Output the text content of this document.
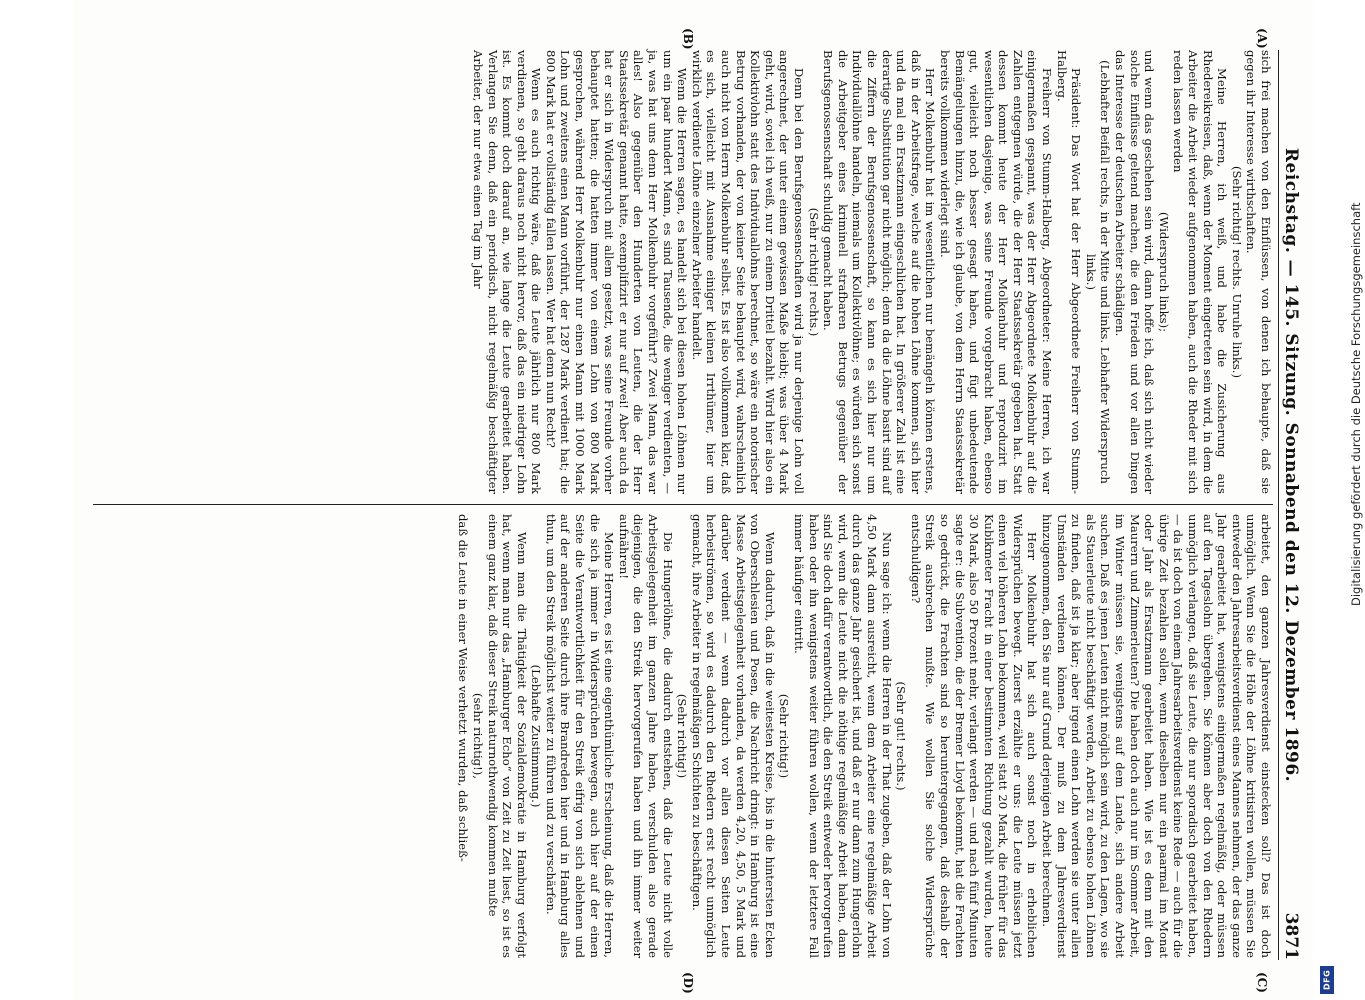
Reichstag. — 145. Sitzung. Sonnabend den 12. Dezember 1896.
3871
(A)
(B)
(C)
(D)

sich frei machen von den Einflüssen, von denen ich behaupte, daß sie gegen ihr Interesse wirthschaften.

(Sehr richtig! rechts. Unruhe links.)

Meine Herren, ich weiß, und habe die Zusicherung aus Rhedereikreisen, daß, wenn der Moment eingetreten sein wird, in dem die Arbeiter die Arbeit wieder aufgenommen haben, auch die Rheder mit sich reden lassen werden

(Widerspruch links);

und wenn das geschehen sein wird, dann hoffe ich, daß sich nicht wieder solche Einflüsse geltend machen, die den Frieden und vor allen Dingen das Interesse der deutschen Arbeiter schädigen.

(Lebhafter Beifall rechts, in der Mitte und links. Lebhafter Widerspruch links.)

Präsident: Das Wort hat der Herr Abgeordnete Freiherr von Stumm-Halberg.

Freiherr von Stumm-Halberg, Abgeordneter: Meine Herren, ich war einigermaßen gespannt, was der Herr Abgeordnete Molkenbuhr auf die Zahlen entgegnen würde, die der Herr Staatssekretär gegeben hat. Statt dessen kommt heute der Herr Molkenbuhr und reproduzirt im wesentlichen dasjenige, was seine Freunde vorgebracht haben, ebenso gut, vielleicht noch besser gesagt haben, und fügt unbedeutende Bemängelungen hinzu, die, wie ich glaube, von dem Herrn Staatssekretär bereits vollkommen widerlegt sind.

Herr Molkenbuhr hat im wesentlichen nur bemängeln können erstens, daß in der Arbeitsfrage, welche auf die hohen Löhne kommen, sich hier und da mal ein Ersatzmann eingeschlichen hat. In größerer Zahl ist eine derartige Substitution gar nicht möglich; denn da die Löhne basirt sind auf die Ziffern der Berufsgenossenschaft, so kann es sich hier nur um Individuallöhne handeln, niemals um Kollektivlöhne; es würden sich sonst die Arbeitgeber eines kriminell strafbaren Betrugs gegenüber der Berufsgenossenschaft schuldig gemacht haben.

(Sehr richtig! rechts.)

Denn bei den Berufsgenossenschaften wird ja nur derjenige Lohn voll angerechnet, der unter einem gewissen Maße bleibt; was über 4 Mark geht, wird, soviel ich weiß, nur zu einem Drittel bezahlt. Wird hier also ein Kollektivlohn statt des Individuallohns berechnet, so wäre ein notorischer Betrug vorhanden, der von keiner Seite behauptet wird, wahrscheinlich auch nicht von Herrn Molkenbuhr selbst. Es ist also vollkommen klar, daß es sich, vielleicht mit Ausnahme einiger kleinen Irrthümer, hier um wirklich verdiente Löhne einzelner Arbeiter handelt.

Wenn die Herren sagen, es handelt sich bei diesen hohen Löhnen nur um ein paar hundert Mann, es sind Tausende, die weniger verdienten, — ja, was hat uns denn Herr Molkenbuhr vorgeführt? Zwei Mann, das war alles! Also gegenüber den Hunderten von Leuten, die der Herr Staatssekretär genannt hatte, exemplifizirt er nur auf zwei! Aber auch da hat er sich in Widerspruch mit allem gesetzt, was seine Freunde vorher behauptet hatten; die hatten immer von einem Lohn von 800 Mark gesprochen, während Herr Molkenbuhr nur einen Mann mit 1000 Mark Lohn und zweitens einen Mann vorführt, der 1287 Mark verdient hat; die 800 Mark hat er vollständig fallen lassen. Wer hat denn nun Recht?

Wenn es auch richtig wäre, daß die Leute jährlich nur 800 Mark verdienen, so geht daraus noch nicht hervor, daß das ein niedriger Lohn ist. Es kommt doch darauf an, wie lange die Leute gearbeitet haben. Verlangen Sie denn, daß ein periodisch, nicht regelmäßig beschäftigter Arbeiter, der nur etwa einen Tag im Jahr

arbeitet, den ganzen Jahresverdienst einstecken soll? Das ist doch unmöglich. Wenn Sie die Höhe der Löhne kritisiren wollen, müssen Sie entweder den Jahresarbeitsverdienst eines Mannes nehmen, der das ganze Jahr gearbeitet hat, wenigstens einigermaßen regelmäßig, oder müssen auf den Tageslohn übergehen. Sie können aber doch von den Rhedern unmöglich verlangen, daß sie Leute, die nur sporadisch gearbeitet haben, — da ist doch von einem Jahresarbeitsverdienst keine Rede — auch für die übrige Zeit bezahlen sollen, wenn dieselben nur ein paarmal im Monat oder Jahr als Ersatzmann gearbeitet haben. Wie ist es denn mit den Maurern und Zimmerleuten? Die haben doch auch nur im Sommer Arbeit, im Winter müssen sie, wenigstens auf dem Lande, sich andere Arbeit suchen. Daß es jenen Leuten nicht möglich sein wird, zu den Lagen, wo sie als Stauerleute nicht beschäftigt werden, Arbeit zu ebenso hohen Löhnen zu finden, daß ist ja klar; aber irgend einen Lohn werden sie unter allen Umständen verdienen können. Der muß zu dem Jahresverdienst hinzugenommen, den Sie nur auf Grund derjenigen Arbeit berechnen.

Herr Molkenbuhr hat sich auch sonst noch in erheblichen Widersprüchen bewegt. Zuerst erzählte er uns: die Leute müssen jetzt einen viel höheren Lohn bekommen, weil statt 20 Mark, die früher für das Kubikmeter Fracht in einer bestimmten Richtung gezahlt wurden, heute 30 Mark, also 50 Prozent mehr, verlangt werden — und nach fünf Minuten sagte er: die Subvention, die der Bremer Lloyd bekommt, hat die Frachten so gedrückt, die Frachten sind so heruntergegangen, daß deshalb der Streik ausbrechen mußte. Wie wollen Sie solche Widersprüche entschuldigen?

(Sehr gut! rechts.)

Nun sage ich: wenn die Herren in der That zugeben, daß der Lohn von 4,50 Mark dann ausreicht, wenn dem Arbeiter eine regelmäßige Arbeit durch das ganze Jahr gesichert ist, und daß er nur dann zum Hungerlohn wird, wenn die Leute nicht die nöthige regelmäßige Arbeit haben, dann sind Sie doch dafür verantwortlich, die den Streik entweder hervorgerufen haben oder ihn wenigstens weiter führen wollen, wenn der letztere Fall immer häufiger eintritt.

(Sehr richtig!)

Wenn dadurch, daß in die weitesten Kreise, bis in die hintersten Ecken von Oberschlesien und Posen, die Nachricht dringt: in Hamburg ist eine Masse Arbeitsgelegenheit vorhanden, da werden 4,20, 4,50, 5 Mark und darüber verdient — wenn dadurch vor allen diesen Seiten Leute herbeiströmen, so wird es dadurch den Rhedern erst recht unmöglich gemacht, ihre Arbeiter in regelmäßigen Schichten zu beschäftigen.

(Sehr richtig!)

Die Hungerlöhne, die dadurch entstehen, daß die Leute nicht volle Arbeitsgelegenheit im ganzen Jahre haben, verschulden also gerade diejenigen, die den Streik hervorgerufen haben und ihn immer weiter aufnähren!

Meine Herren, es ist eine eigenthümliche Erscheinung, daß die Herren, die sich ja immer in Widersprüchen bewegen, auch hier auf der einen Seite die Verantwortlichkeit für den Streik eifrig von sich ablehnen und auf der anderen Seite durch ihre Brandreden hier und in Hamburg alles thun, um den Streik möglichst weiter zu führen und zu verschärfen.

(Lebhafte Zustimmung.)

Wenn man die Thätigkeit der Sozialdemokratie in Hamburg verfolgt hat, wenn man nur das „Hamburger Echo“ von Zeit zu Zeit liest, so ist es einem ganz klar, daß dieser Streik naturnothwendig kommen mußte

(sehr richtig!),

daß die Leute in einer Weise verhetzt wurden, daß schließ-

Digitalisierung gefördert durch die Deutsche Forschungsgemeinschaft
DFG
